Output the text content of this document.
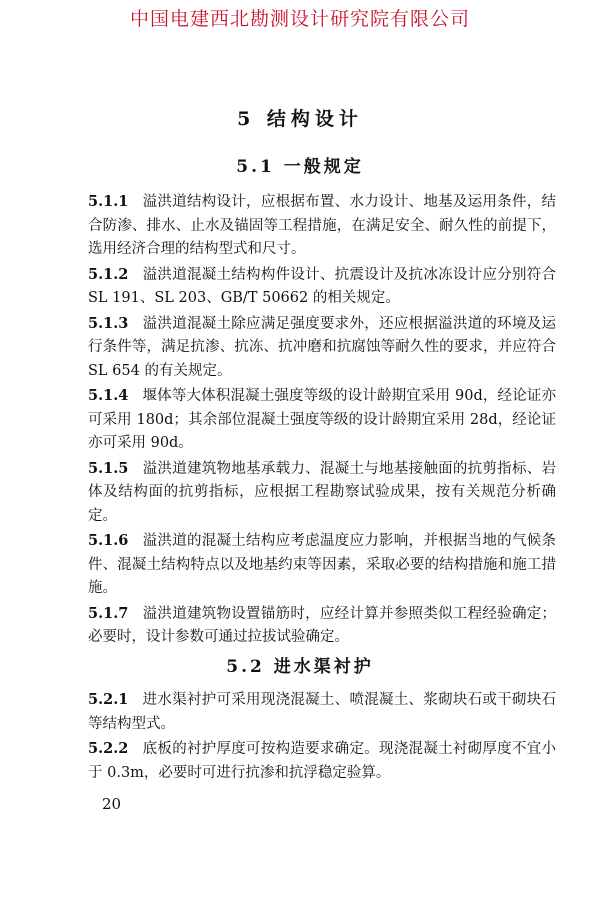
中国电建西北勘测设计研究院有限公司
5 结构设计
5.1 一般规定

5.1.1 溢洪道结构设计，应根据布置、水力设计、地基及运用条件，结合防渗、排水、止水及锚固等工程措施，在满足安全、耐久性的前提下，选用经济合理的结构型式和尺寸。

5.1.2 溢洪道混凝土结构构件设计、抗震设计及抗冰冻设计应分别符合 SL 191、SL 203、GB/T 50662 的相关规定。

5.1.3 溢洪道混凝土除应满足强度要求外，还应根据溢洪道的环境及运行条件等，满足抗渗、抗冻、抗冲磨和抗腐蚀等耐久性的要求，并应符合 SL 654 的有关规定。

5.1.4 堰体等大体积混凝土强度等级的设计龄期宜采用 90d，经论证亦可采用 180d；其余部位混凝土强度等级的设计龄期宜采用 28d，经论证亦可采用 90d。

5.1.5 溢洪道建筑物地基承载力、混凝土与地基接触面的抗剪指标、岩体及结构面的抗剪指标，应根据工程勘察试验成果，按有关规范分析确定。

5.1.6 溢洪道的混凝土结构应考虑温度应力影响，并根据当地的气候条件、混凝土结构特点以及地基约束等因素，采取必要的结构措施和施工措施。

5.1.7 溢洪道建筑物设置锚筋时，应经计算并参照类似工程经验确定；必要时，设计参数可通过拉拔试验确定。

5.2 进水渠衬护

5.2.1 进水渠衬护可采用现浇混凝土、喷混凝土、浆砌块石或干砌块石等结构型式。

5.2.2 底板的衬护厚度可按构造要求确定。现浇混凝土衬砌厚度不宜小于 0.3m，必要时可进行抗渗和抗浮稳定验算。

20
